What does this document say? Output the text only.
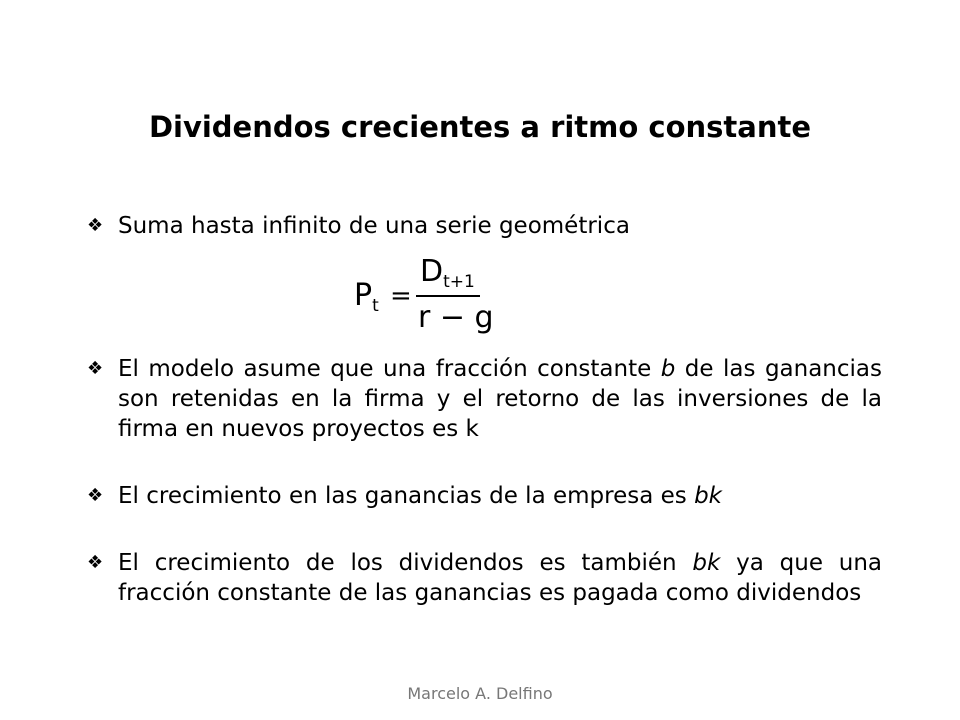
Dividendos crecientes a ritmo constante
❖ Suma hasta infinito de una serie geométrica
$P_t$ =
$D_{t+1}$
r − g
❖ El modelo asume que una fracción constante b de las ganancias son retenidas en la firma y el retorno de las inversiones de la firma en nuevos proyectos es k
❖ El crecimiento en las ganancias de la empresa es bk
❖ El crecimiento de los dividendos es también bk ya que una fracción constante de las ganancias es pagada como dividendos
Marcelo A. Delfino
